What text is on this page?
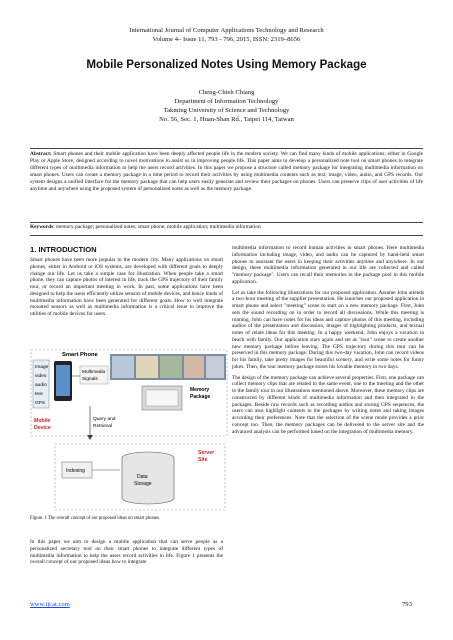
International Journal of Computer Applications Technology and Research
Volume 4– Issue 11, 793 - 796, 2015, ISSN: 2319–8656
Mobile Personalized Notes Using Memory Package
Cheng-Chieh Chiang
Department of Information Technology
Takming University of Science and Technology
No. 56, Sec. 1, Huan-Shan Rd., Taipei 114, Taiwan
Abstract: Smart phones and their mobile application have been deeply affected people life in the modern society. We can find many kinds of mobile applications; either in Google Play or Apple Store, designed according to novel motivations to assist us in improving people life. This paper aims to develop a personalized note tool on smart phones to integrate different types of multimedia information to help the users record activities. In this paper we propose a structure called memory package for integrating multimedia information on smart phones. Users can create a memory package in a time period to record their activities by using multimedia contents such as text, image, video, audio, and GPS records. Our system designs a unified interface for the memory package that can help users easily generate and review their packages on phones. Users can preserve clips of user activities of life anytime and anywhere using the proposed system of personalized notes as well as the memory package.
Keywords: memory package; personalized notes; smart phone; mobile application; multimedia information
1. INTRODUCTION

Smart phones have been more popular in the modern city. Many applications on smart phones, either in Android or iOS systems, are developed with different goals to deeply change our life. Let us take a simple case for illustration. When people take a smart phone, they can capture photos of interest in life, track the GPS trajectory of their family tour, or record an important meeting in work. In past, some applications have been designed to help the users efficiently utilize sensors of mobile devices, and hence kinds of multimedia information have been generated for different goals. How to well integrate mounted sensors as well as multimedia information is a critical issue to improve the utilities of mobile devices for users.

Smart Phone
Image
video
audio
text
GPS
Multimedia
Signals
Memory
Package
Mobile
Device
Query and
Retrieval
Server
Site
Indexing
Data
Storage
Figure. 1 The overall concept of our proposed ideas on smart phones.

In this paper we aim to design a mobile application that can serve people as a personalized secretary tool on their smart phones to integrate different types of multimedia information to help the users record activities in life. Figure 1 presents the overall concept of our proposed ideas how to integrate

multimedia information to record human activities in smart phones. Here multimedia information including image, video, and audio can be captured by hand-held smart phones to assistant the users in keeping their activities anytime and anywhere. In our design, these multimedia information generated in our life are collected and called "memory package". Users can recall their memories in the package pool in this mobile application.

Let us take the following illustrations for our proposed application. Assume John attends a two-hour meeting of the supplier presentation. He launches our proposed application in smart phone and select "meeting" scene to start on a new memory package. First, John sets the sound recording on in order to record all discussions. While this meeting is running, John can have notes for his ideas and capture photos of this meeting, including audios of the presentation and discussion, images of highlighting products, and textual notes of relate ideas for this meeting. In a happy weekend, John enjoys a vacation in beach with family. Our application stars again and set as "tour" scene to create another new memory package before leaving. The GPS trajectory during this tour can be preserved in this memory package. During this two-day vacation, John can record videos for his family, take pretty images for beautiful scenery, and write some notes for funny jokes. Then, the tour memory package stores his lovable memory in two days.

The design of the memory package can achieve several properties. First, one package can collect memory clips that are related to the same event, one to the meeting and the other to the family tour in our illustrations mentioned above. Moreover, these memory clips are constructed by different kinds of multimedia information and then integrated in the packages. Beside raw records such as recording audios and storing GPS sequences, the users can also highlight contents in the packages by writing notes and taking images according their preferences. Note that the selection of the scene mode provides a prior concept too. Then, the memory packages can be delivered to the server site and the advanced analysis can be performed based on the integration of multimedia memory.

www.ijcat.com	793
